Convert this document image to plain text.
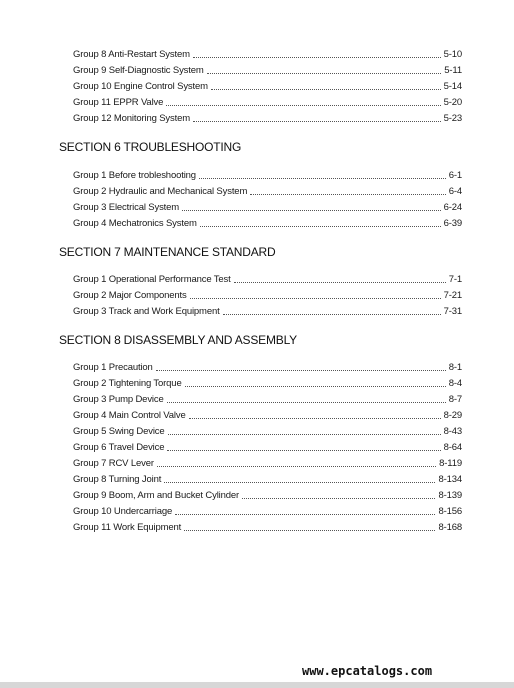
Group 8 Anti-Restart System	5-10
Group 9 Self-Diagnostic System	5-11
Group 10 Engine Control System	5-14
Group 11 EPPR Valve	5-20
Group 12 Monitoring System	5-23
SECTION 6 TROUBLESHOOTING
Group 1 Before trobleshooting	6-1
Group 2 Hydraulic and Mechanical System	6-4
Group 3 Electrical System	6-24
Group 4 Mechatronics System	6-39
SECTION 7 MAINTENANCE STANDARD
Group 1 Operational Performance Test	7-1
Group 2 Major Components	7-21
Group 3 Track and Work Equipment	7-31
SECTION 8 DISASSEMBLY AND ASSEMBLY
Group 1 Precaution	8-1
Group 2 Tightening Torque	8-4
Group 3 Pump Device	8-7
Group 4 Main Control Valve	8-29
Group 5 Swing Device	8-43
Group 6 Travel Device	8-64
Group 7 RCV Lever	8-119
Group 8 Turning Joint	8-134
Group 9 Boom, Arm and Bucket Cylinder	8-139
Group 10 Undercarriage	8-156
Group 11 Work Equipment	8-168
www.epcatalogs.com
